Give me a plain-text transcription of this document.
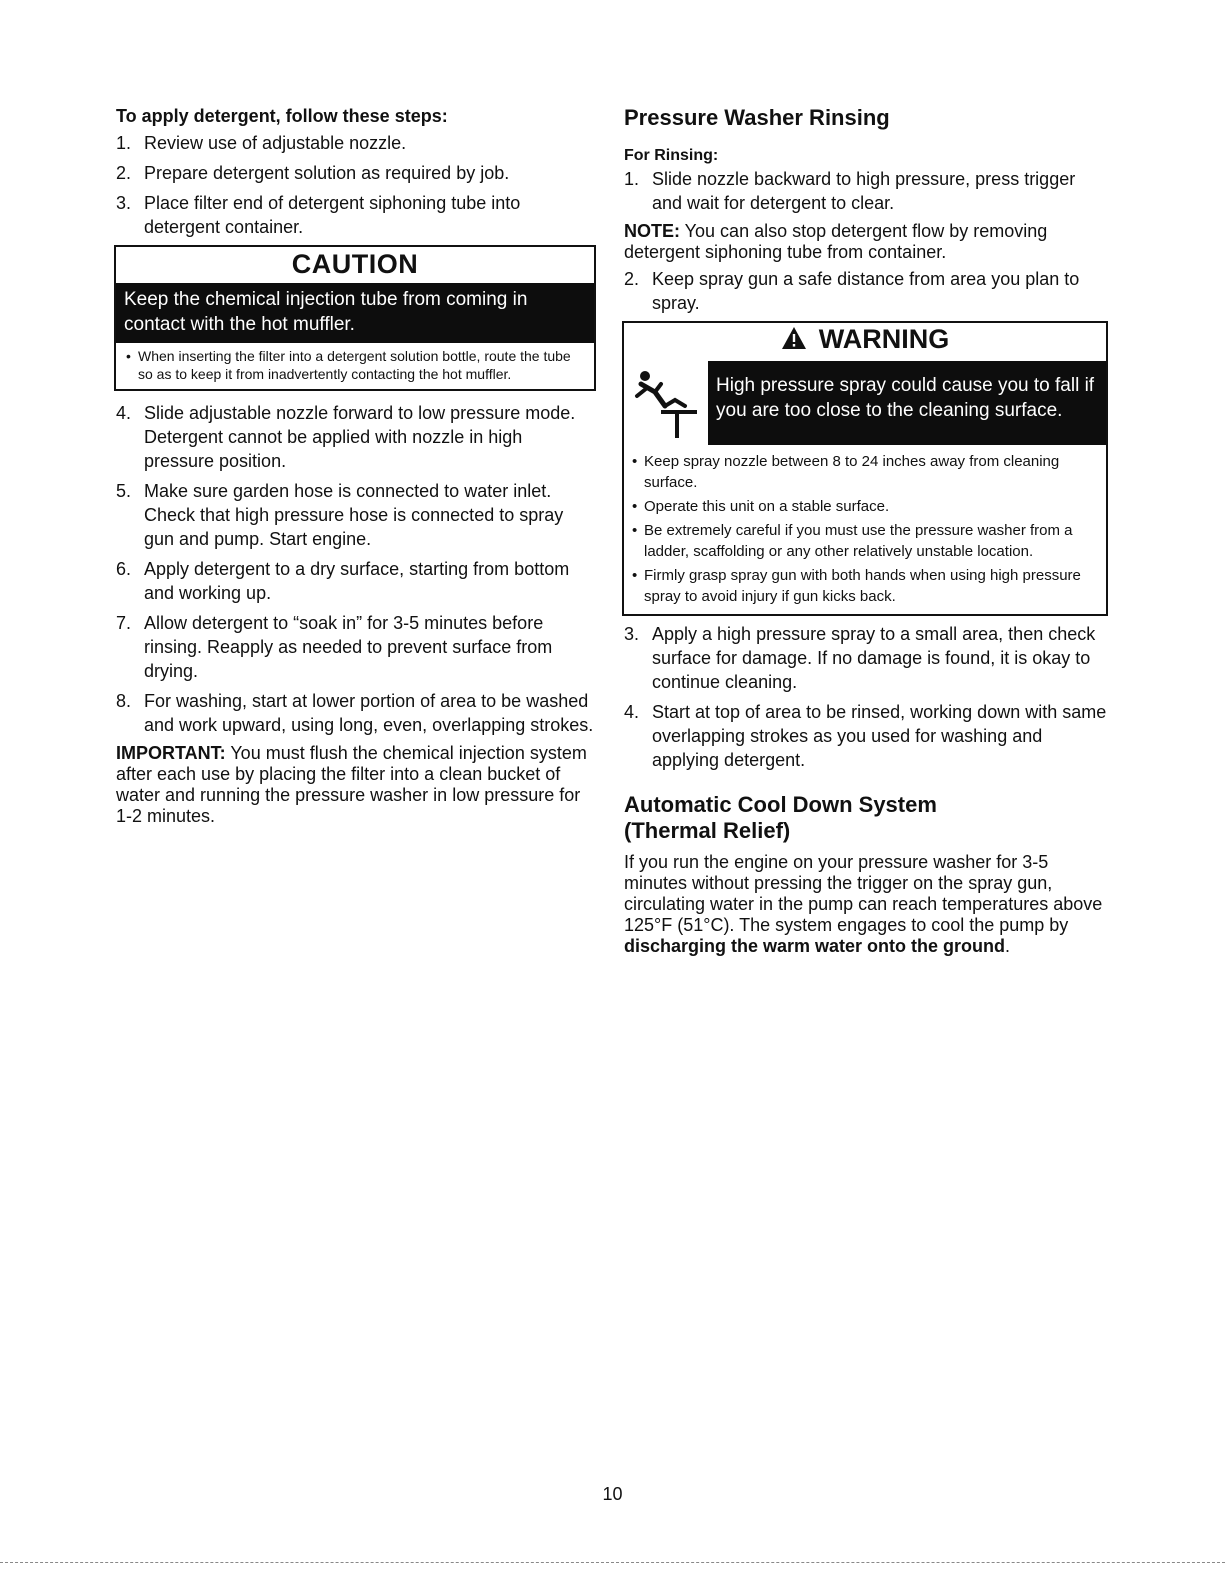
To apply detergent, follow these steps:

1. Review use of adjustable nozzle.
2. Prepare detergent solution as required by job.
3. Place filter end of detergent siphoning tube into detergent container.
CAUTION
Keep the chemical injection tube from coming in contact with the hot muffler.
• When inserting the filter into a detergent solution bottle, route the tube so as to keep it from inadvertently contacting the hot muffler.
4. Slide adjustable nozzle forward to low pressure mode. Detergent cannot be applied with nozzle in high pressure position.
5. Make sure garden hose is connected to water inlet. Check that high pressure hose is connected to spray gun and pump. Start engine.
6. Apply detergent to a dry surface, starting from bottom and working up.
7. Allow detergent to “soak in” for 3-5 minutes before rinsing. Reapply as needed to prevent surface from drying.
8. For washing, start at lower portion of area to be washed and work upward, using long, even, overlapping strokes.

IMPORTANT: You must flush the chemical injection system after each use by placing the filter into a clean bucket of water and running the pressure washer in low pressure for 1-2 minutes.

Pressure Washer Rinsing
For Rinsing:
1. Slide nozzle backward to high pressure, press trigger and wait for detergent to clear.

NOTE: You can also stop detergent flow by removing detergent siphoning tube from container.

2. Keep spray gun a safe distance from area you plan to spray.
WARNING
High pressure spray could cause you to fall if you are too close to the cleaning surface.
• Keep spray nozzle between 8 to 24 inches away from cleaning surface.
• Operate this unit on a stable surface.
• Be extremely careful if you must use the pressure washer from a ladder, scaffolding or any other relatively unstable location.
• Firmly grasp spray gun with both hands when using high pressure spray to avoid injury if gun kicks back.
3. Apply a high pressure spray to a small area, then check surface for damage. If no damage is found, it is okay to continue cleaning.
4. Start at top of area to be rinsed, working down with same overlapping strokes as you used for washing and applying detergent.
Automatic Cool Down System
(Thermal Relief)

If you run the engine on your pressure washer for 3-5 minutes without pressing the trigger on the spray gun, circulating water in the pump can reach temperatures above 125°F (51°C). The system engages to cool the pump by discharging the warm water onto the ground.

10
